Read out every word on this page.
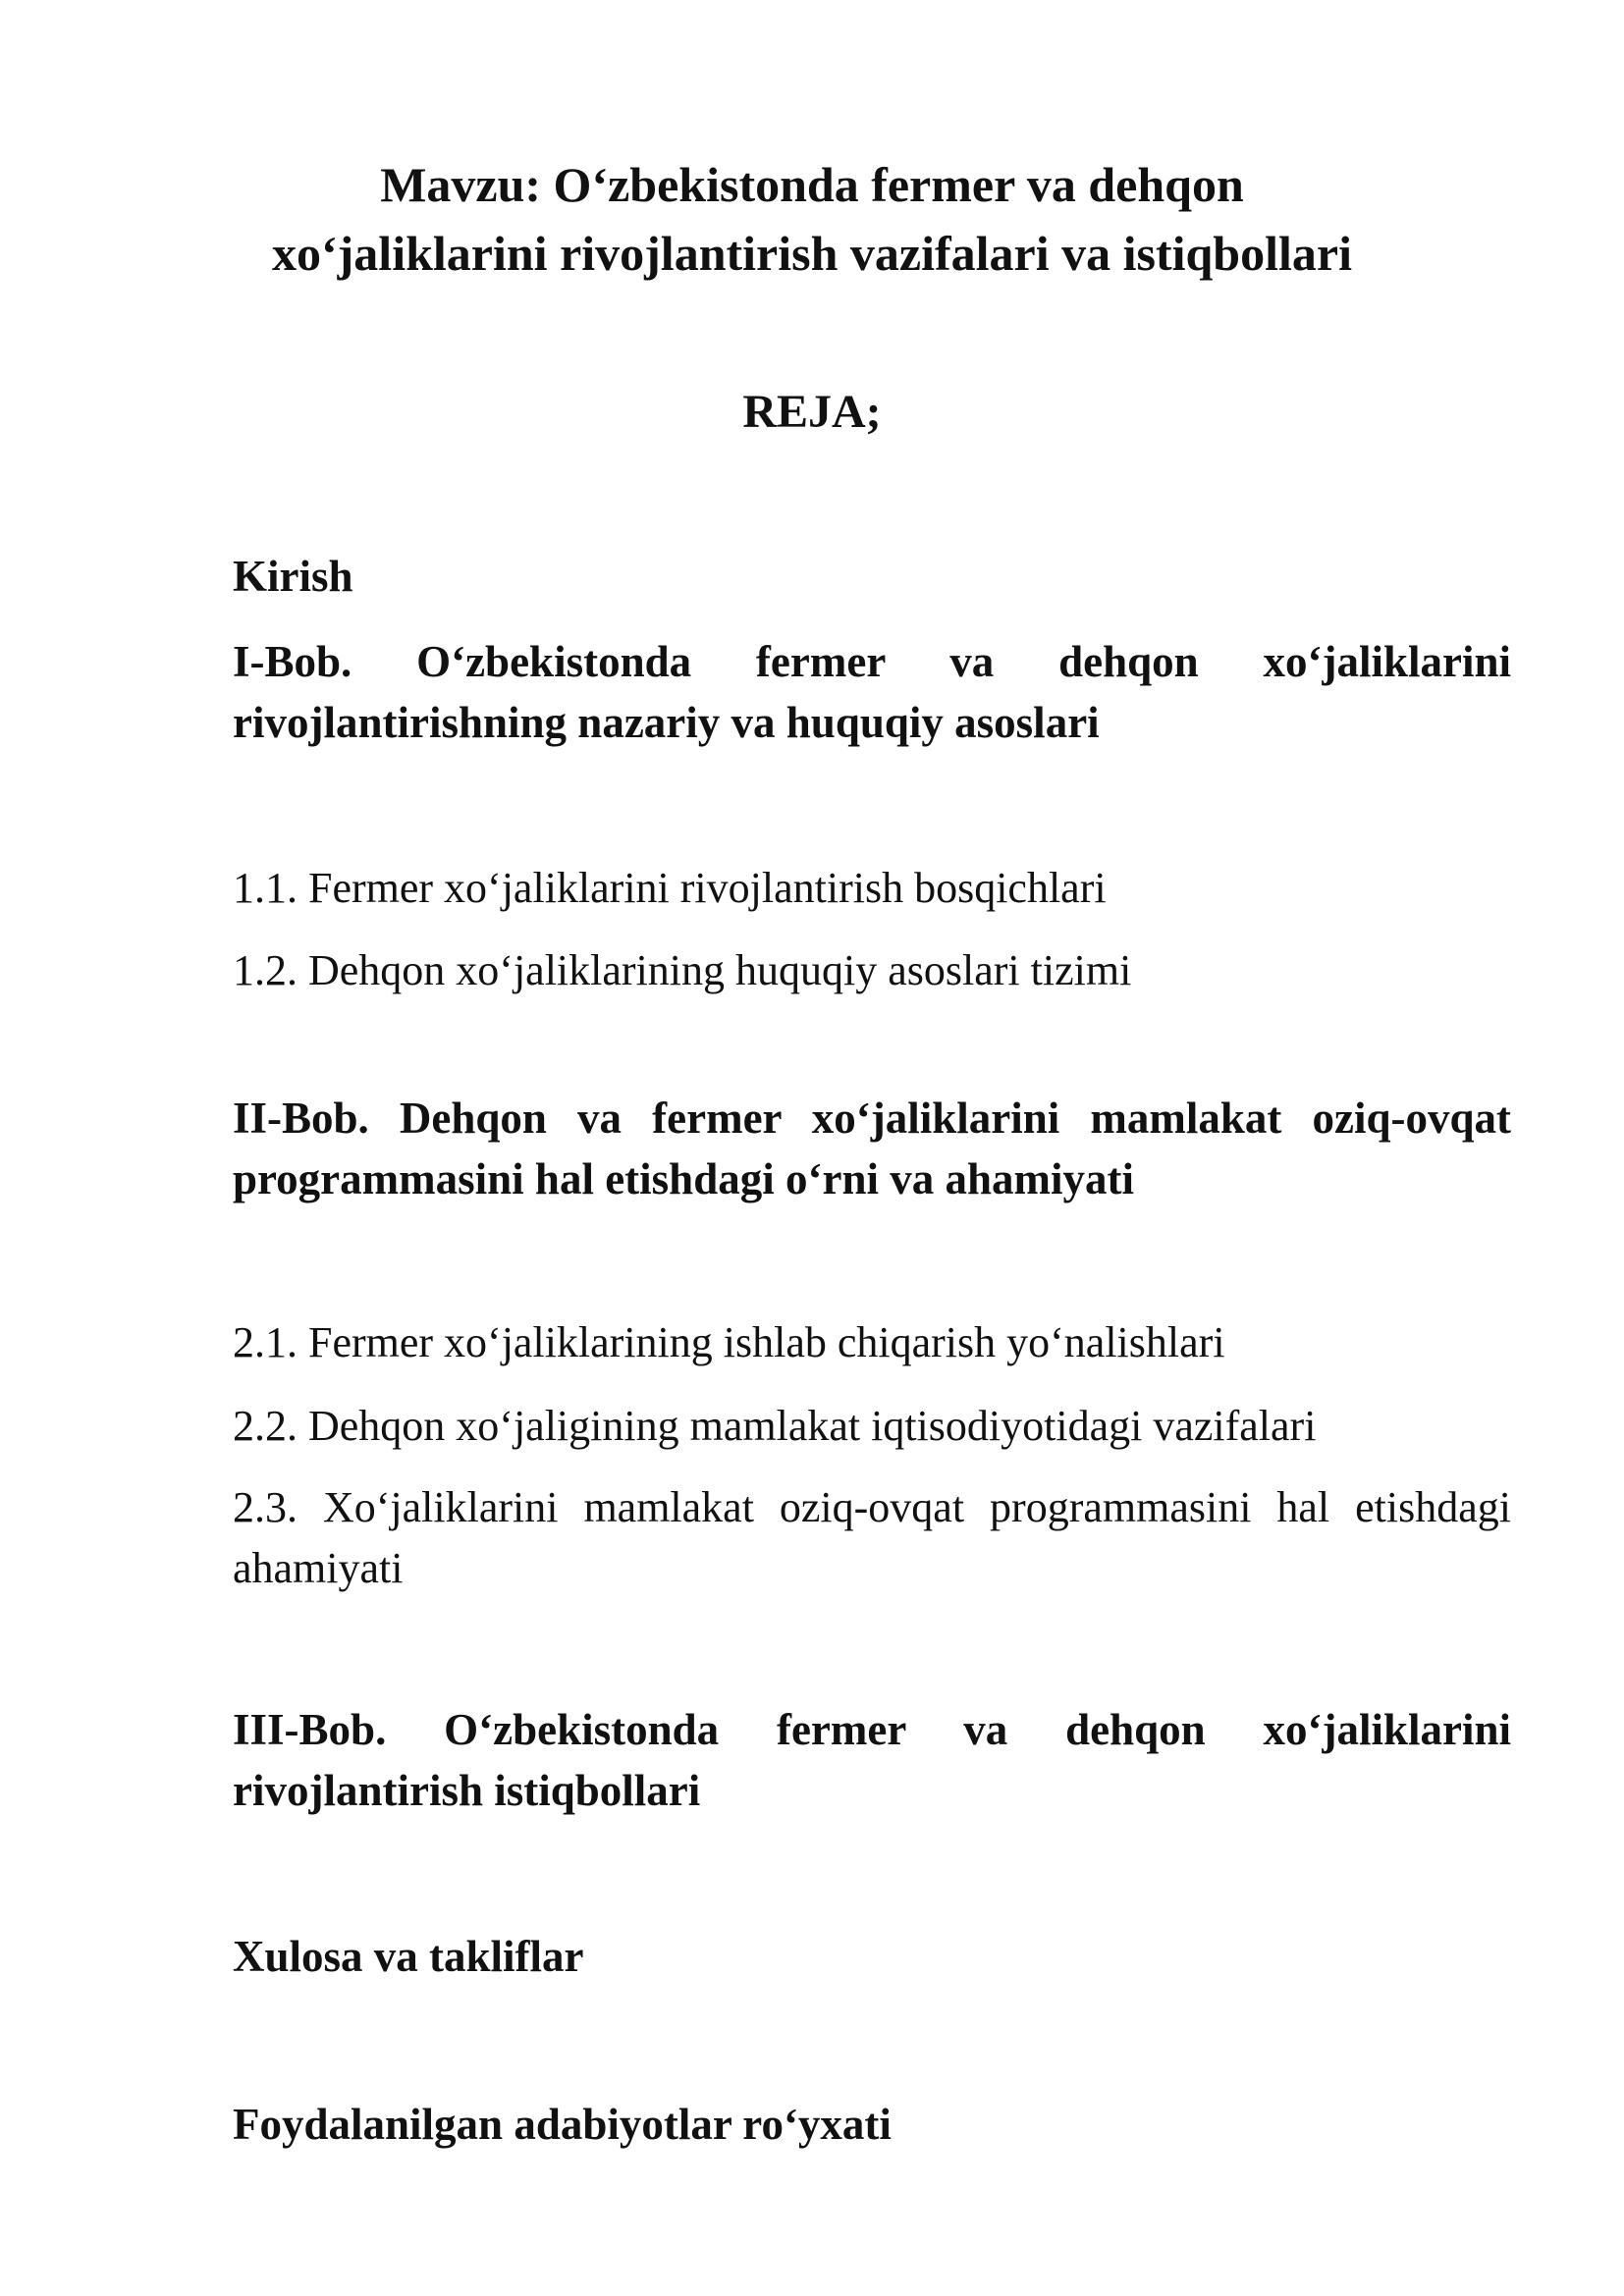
Mavzu: O‘zbekistonda fermer va dehqon
xo‘jaliklarini rivojlantirish vazifalari va istiqbollari
REJA;
Kirish
I-Bob. O‘zbekistonda fermer va dehqon xo‘jaliklarini rivojlantirishning nazariy va huquqiy asoslari
1.1. Fermer xo‘jaliklarini rivojlantirish bosqichlari
1.2. Dehqon xo‘jaliklarining huquqiy asoslari tizimi
II-Bob. Dehqon va fermer xo‘jaliklarini mamlakat oziq-ovqat programmasini hal etishdagi o‘rni va ahamiyati
2.1. Fermer xo‘jaliklarining ishlab chiqarish yo‘nalishlari
2.2. Dehqon xo‘jaligining mamlakat iqtisodiyotidagi vazifalari
2.3. Xo‘jaliklarini mamlakat oziq-ovqat programmasini hal etishdagi ahamiyati
III-Bob. O‘zbekistonda fermer va dehqon xo‘jaliklarini rivojlantirish istiqbollari
Xulosa va takliflar
Foydalanilgan adabiyotlar ro‘yxati
